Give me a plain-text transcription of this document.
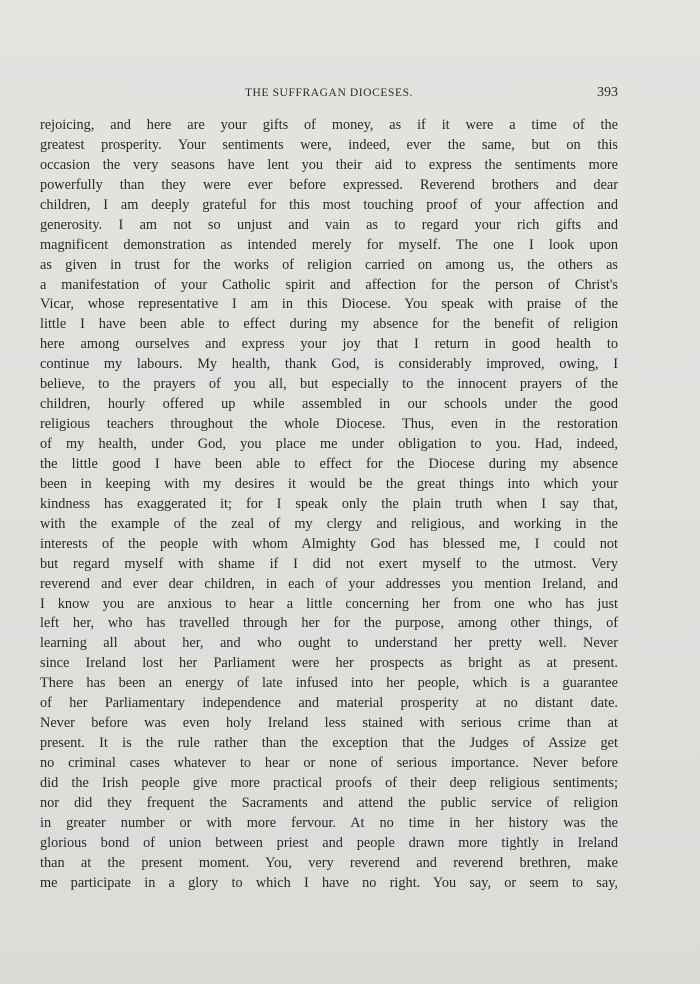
THE SUFFRAGAN DIOCESES.	393
rejoicing, and here are your gifts of money, as if it were a time of the
greatest prosperity. Your sentiments were, indeed, ever the same, but on this
occasion the very seasons have lent you their aid to express the sentiments more
powerfully than they were ever before expressed. Reverend brothers and dear
children, I am deeply grateful for this most touching proof of your affection and
generosity. I am not so unjust and vain as to regard your rich gifts and
magnificent demonstration as intended merely for myself. The one I look upon
as given in trust for the works of religion carried on among us, the others as
a manifestation of your Catholic spirit and affection for the person of Christ's
Vicar, whose representative I am in this Diocese. You speak with praise of the
little I have been able to effect during my absence for the benefit of religion
here among ourselves and express your joy that I return in good health to
continue my labours. My health, thank God, is considerably improved, owing, I
believe, to the prayers of you all, but especially to the innocent prayers of the
children, hourly offered up while assembled in our schools under the good
religious teachers throughout the whole Diocese. Thus, even in the restoration
of my health, under God, you place me under obligation to you. Had, indeed,
the little good I have been able to effect for the Diocese during my absence
been in keeping with my desires it would be the great things into which your
kindness has exaggerated it; for I speak only the plain truth when I say that,
with the example of the zeal of my clergy and religious, and working in the
interests of the people with whom Almighty God has blessed me, I could not
but regard myself with shame if I did not exert myself to the utmost. Very
reverend and ever dear children, in each of your addresses you mention Ireland, and
I know you are anxious to hear a little concerning her from one who has just
left her, who has travelled through her for the purpose, among other things, of
learning all about her, and who ought to understand her pretty well. Never
since Ireland lost her Parliament were her prospects as bright as at present.
There has been an energy of late infused into her people, which is a guarantee
of her Parliamentary independence and material prosperity at no distant date.
Never before was even holy Ireland less stained with serious crime than at
present. It is the rule rather than the exception that the Judges of Assize get
no criminal cases whatever to hear or none of serious importance. Never before
did the Irish people give more practical proofs of their deep religious sentiments;
nor did they frequent the Sacraments and attend the public service of religion
in greater number or with more fervour. At no time in her history was the
glorious bond of union between priest and people drawn more tightly in Ireland
than at the present moment. You, very reverend and reverend brethren, make
me participate in a glory to which I have no right. You say, or seem to say,
